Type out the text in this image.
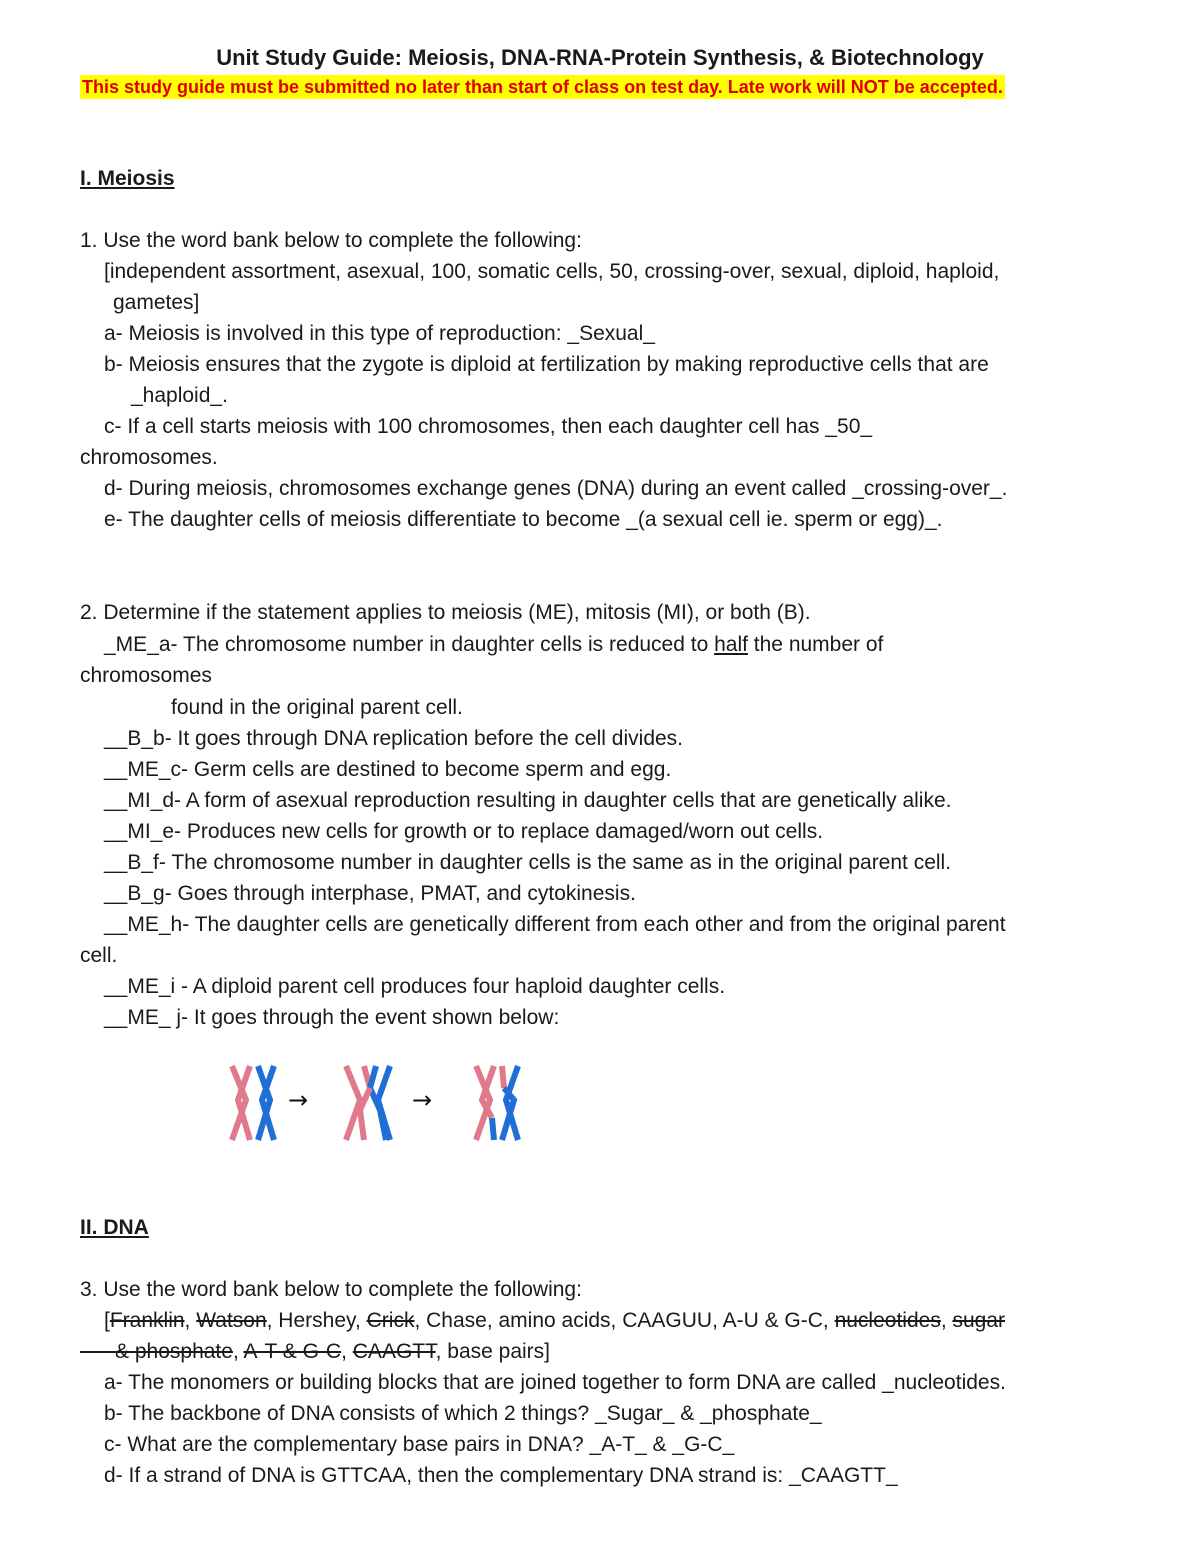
Unit Study Guide: Meiosis, DNA-RNA-Protein Synthesis, & Biotechnology
This study guide must be submitted no later than start of class on test day. Late work will NOT be accepted.
I. Meiosis
1. Use the word bank below to complete the following:
[independent assortment, asexual, 100, somatic cells, 50, crossing-over, sexual, diploid, haploid,
gametes]
a- Meiosis is involved in this type of reproduction: _Sexual_
b- Meiosis ensures that the zygote is diploid at fertilization by making reproductive cells that are
_haploid_.
c- If a cell starts meiosis with 100 chromosomes, then each daughter cell has _50_
chromosomes.
d- During meiosis, chromosomes exchange genes (DNA) during an event called _crossing-over_.
e- The daughter cells of meiosis differentiate to become _(a sexual cell ie. sperm or egg)_.
2. Determine if the statement applies to meiosis (ME), mitosis (MI), or both (B).
_ME_a- The chromosome number in daughter cells is reduced to half the number of
chromosomes
found in the original parent cell.
__B_b- It goes through DNA replication before the cell divides.
__ME_c- Germ cells are destined to become sperm and egg.
__MI_d- A form of asexual reproduction resulting in daughter cells that are genetically alike.
__MI_e- Produces new cells for growth or to replace damaged/worn out cells.
__B_f- The chromosome number in daughter cells is the same as in the original parent cell.
__B_g- Goes through interphase, PMAT, and cytokinesis.
__ME_h- The daughter cells are genetically different from each other and from the original parent
cell.
__ME_i - A diploid parent cell produces four haploid daughter cells.
__ME_ j- It goes through the event shown below:
→	→
II. DNA
3. Use the word bank below to complete the following:
[Franklin, Watson, Hershey, Crick, Chase, amino acids, CAAGUU, A-U & G-C, nucleotides, sugar
& phosphate, A-T & G-C, CAAGTT, base pairs]
a- The monomers or building blocks that are joined together to form DNA are called _nucleotides.
b- The backbone of DNA consists of which 2 things? _Sugar_ & _phosphate_
c- What are the complementary base pairs in DNA? _A-T_ & _G-C_
d- If a strand of DNA is GTTCAA, then the complementary DNA strand is: _CAAGTT_
